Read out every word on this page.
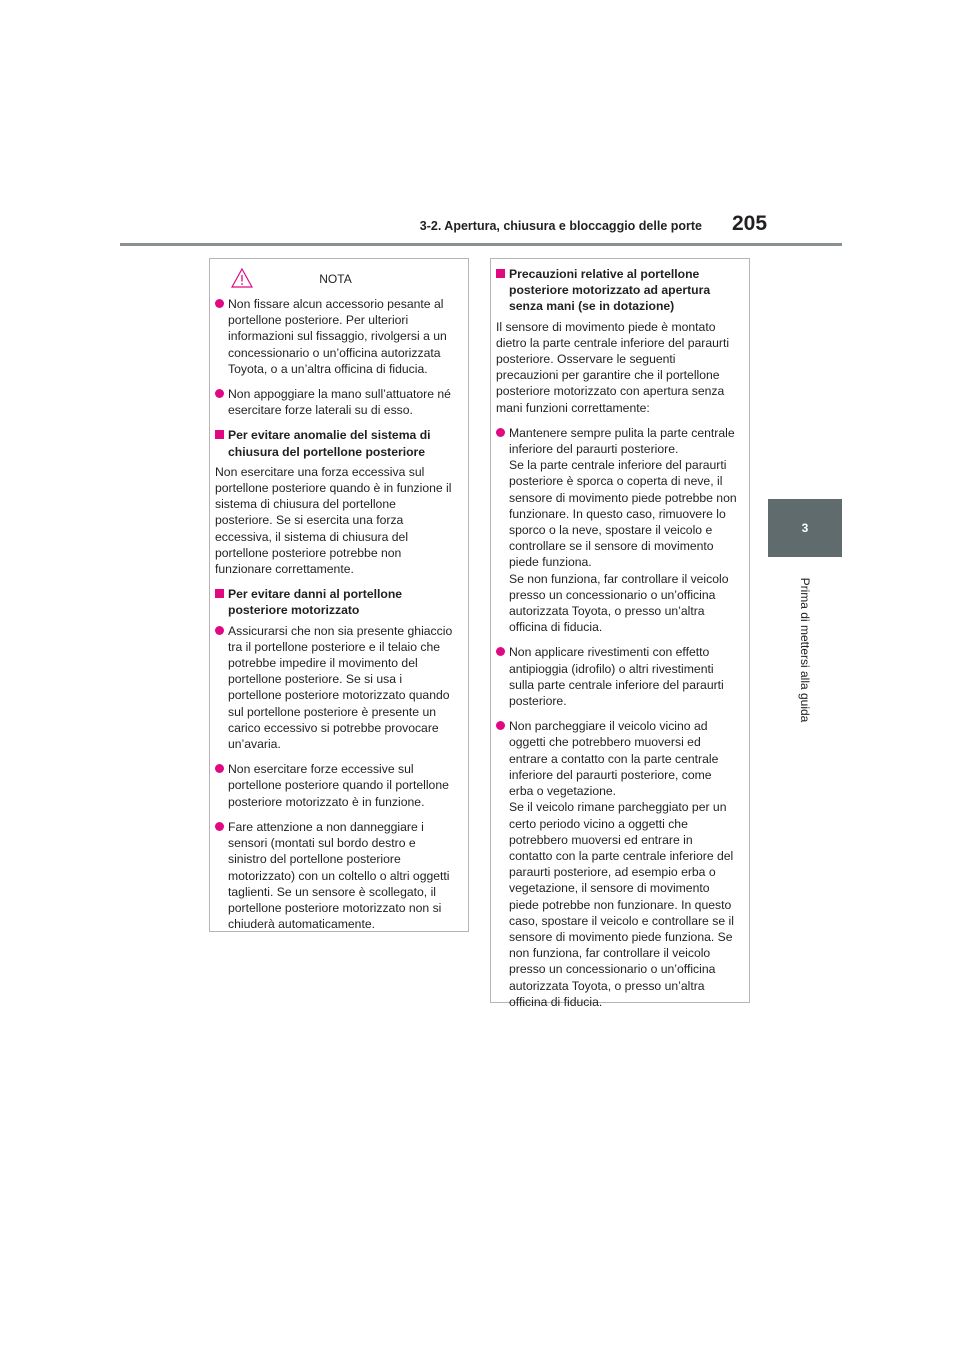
3-2. Apertura, chiusura e bloccaggio delle porte 205
3
Prima di mettersi alla guida
NOTA
Non fissare alcun accessorio pesante al portellone posteriore. Per ulteriori informazioni sul fissaggio, rivolgersi a un concessionario o un’officina autorizzata Toyota, o a un’altra officina di fiducia.
Non appoggiare la mano sull’attuatore né esercitare forze laterali su di esso.
Per evitare anomalie del sistema di chiusura del portellone posteriore
Non esercitare una forza eccessiva sul portellone posteriore quando è in funzione il sistema di chiusura del portellone posteriore. Se si esercita una forza eccessiva, il sistema di chiusura del portellone posteriore potrebbe non funzionare correttamente.
Per evitare danni al portellone posteriore motorizzato
Assicurarsi che non sia presente ghiaccio tra il portellone posteriore e il telaio che potrebbe impedire il movimento del portellone posteriore. Se si usa i portellone posteriore motorizzato quando sul portellone posteriore è presente un carico eccessivo si potrebbe provocare un’avaria.
Non esercitare forze eccessive sul portellone posteriore quando il portellone posteriore motorizzato è in funzione.
Fare attenzione a non danneggiare i sensori (montati sul bordo destro e sinistro del portellone posteriore motorizzato) con un coltello o altri oggetti taglienti. Se un sensore è scollegato, il portellone posteriore motorizzato non si chiuderà automaticamente.
Precauzioni relative al portellone posteriore motorizzato ad apertura senza mani (se in dotazione)
Il sensore di movimento piede è montato dietro la parte centrale inferiore del paraurti posteriore. Osservare le seguenti precauzioni per garantire che il portellone posteriore motorizzato con apertura senza mani funzioni correttamente:
Mantenere sempre pulita la parte centrale inferiore del paraurti posteriore.
Se la parte centrale inferiore del paraurti posteriore è sporca o coperta di neve, il sensore di movimento piede potrebbe non funzionare. In questo caso, rimuovere lo sporco o la neve, spostare il veicolo e controllare se il sensore di movimento piede funziona.
Se non funziona, far controllare il veicolo presso un concessionario o un’officina autorizzata Toyota, o presso un’altra officina di fiducia.
Non applicare rivestimenti con effetto antipioggia (idrofilo) o altri rivestimenti sulla parte centrale inferiore del paraurti posteriore.
Non parcheggiare il veicolo vicino ad oggetti che potrebbero muoversi ed entrare a contatto con la parte centrale inferiore del paraurti posteriore, come erba o vegetazione.
Se il veicolo rimane parcheggiato per un certo periodo vicino a oggetti che potrebbero muoversi ed entrare in contatto con la parte centrale inferiore del paraurti posteriore, ad esempio erba o vegetazione, il sensore di movimento piede potrebbe non funzionare. In questo caso, spostare il veicolo e controllare se il sensore di movimento piede funziona. Se non funziona, far controllare il veicolo presso un concessionario o un’officina autorizzata Toyota, o presso un’altra officina di fiducia.
